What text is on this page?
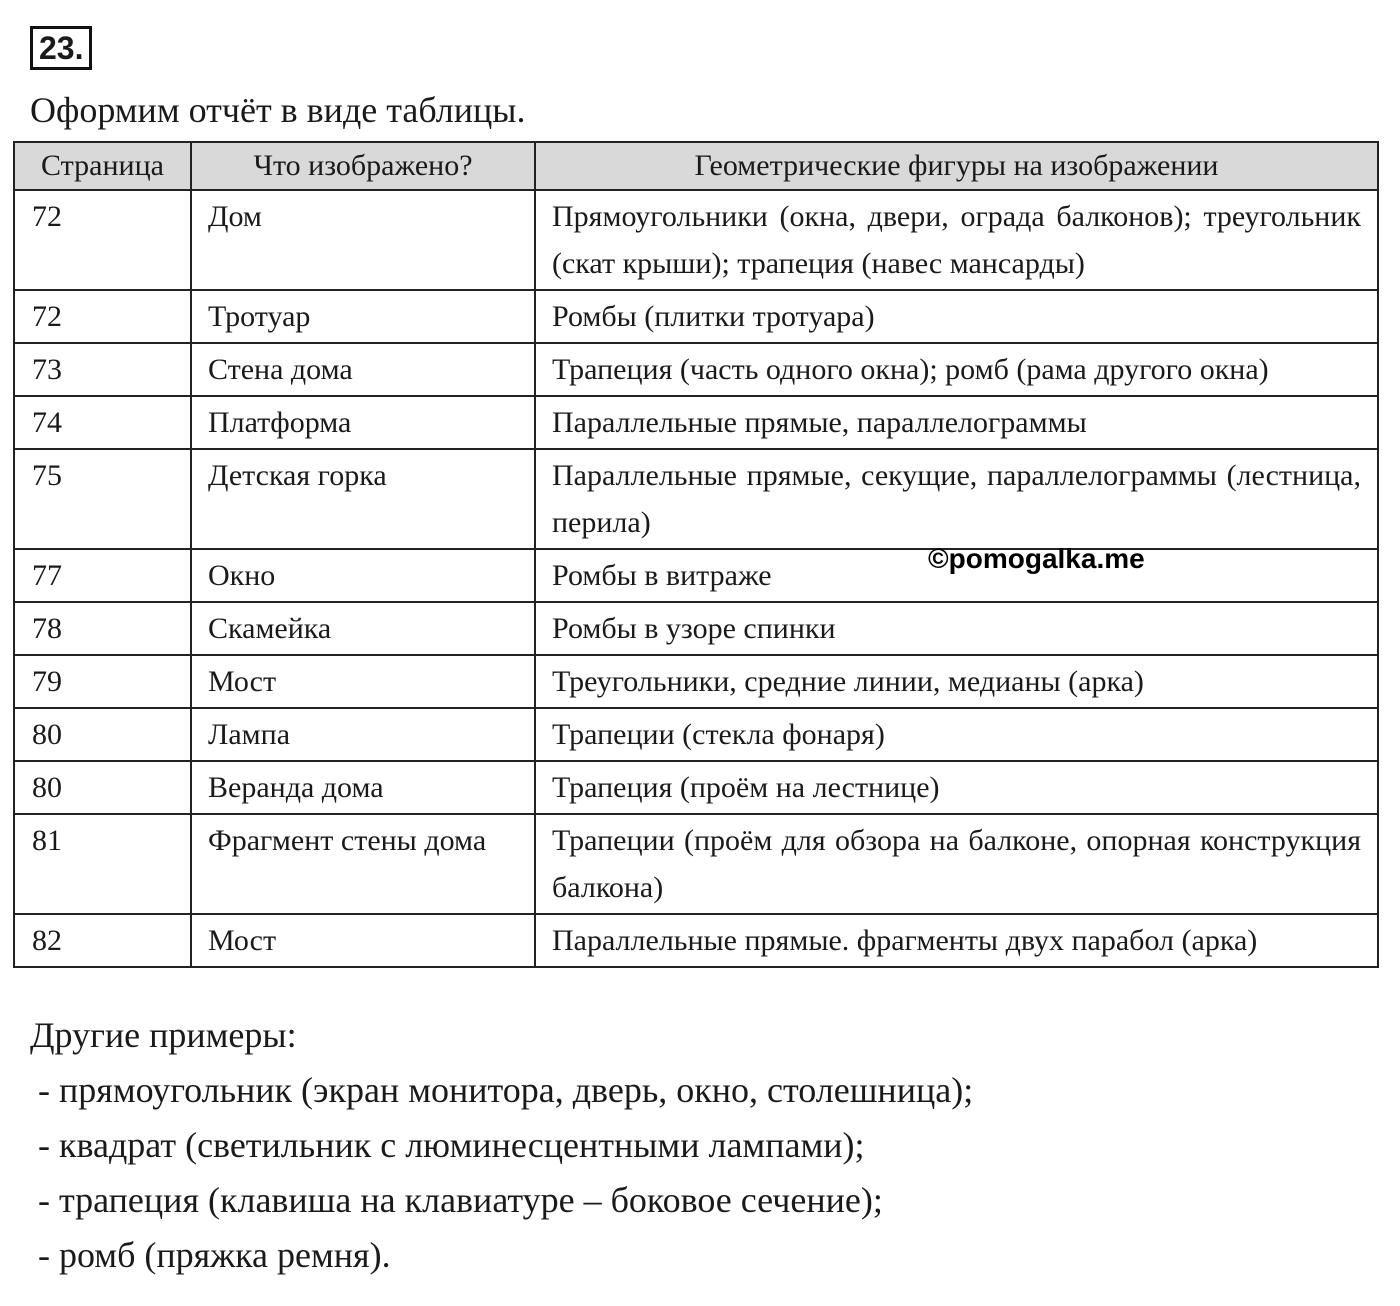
23.
Оформим отчёт в виде таблицы.
Страница	Что изображено?	Геометрические фигуры на изображении
72	Дом	Прямоугольники (окна, двери, ограда балконов); треугольник (скат крыши); трапеция (навес мансарды)
72	Тротуар	Ромбы (плитки тротуара)
73	Стена дома	Трапеция (часть одного окна); ромб (рама другого окна)
74	Платформа	Параллельные прямые, параллелограммы
75	Детская горка	Параллельные прямые, секущие, параллелограммы (лестница, перила)
77	Окно	Ромбы в витраже
78	Скамейка	Ромбы в узоре спинки
79	Мост	Треугольники, средние линии, медианы (арка)
80	Лампа	Трапеции (стекла фонаря)
80	Веранда дома	Трапеция (проём на лестнице)
81	Фрагмент стены дома	Трапеции (проём для обзора на балконе, опорная конструкция балкона)
82	Мост	Параллельные прямые. фрагменты двух парабол (арка)
©pomogalka.me
Другие примеры:
- прямоугольник (экран монитора, дверь, окно, столешница);
- квадрат (светильник с люминесцентными лампами);
- трапеция (клавиша на клавиатуре – боковое сечение);
- ромб (пряжка ремня).
